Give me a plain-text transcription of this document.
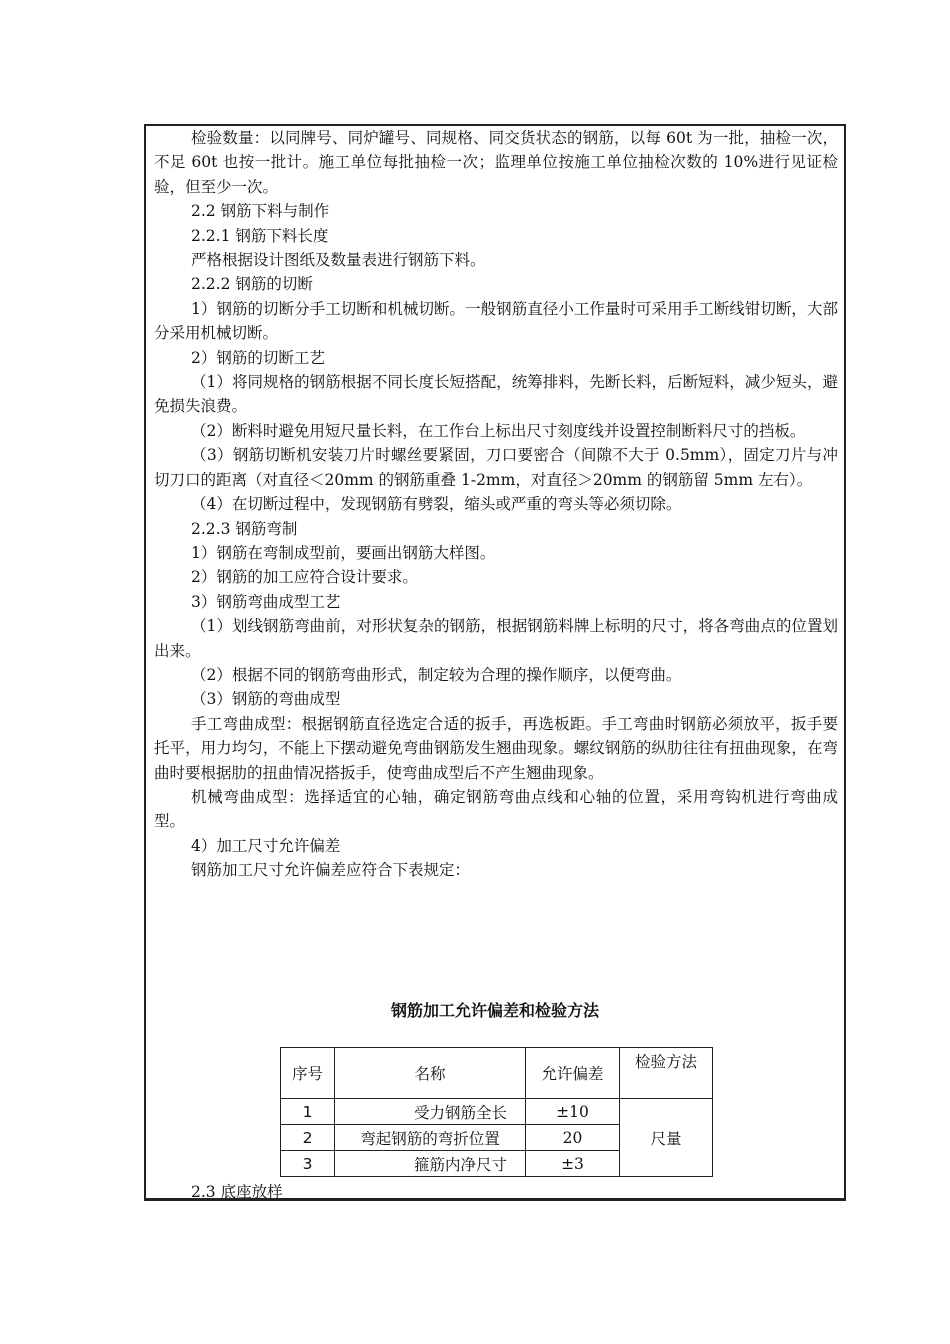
检验数量：以同牌号、同炉罐号、同规格、同交货状态的钢筋，以每 60t 为一批，抽检一次，不足 60t 也按一批计。施工单位每批抽检一次；监理单位按施工单位抽检次数的 10%进行见证检验，但至少一次。

2.2 钢筋下料与制作

2.2.1 钢筋下料长度

严格根据设计图纸及数量表进行钢筋下料。

2.2.2 钢筋的切断

1）钢筋的切断分手工切断和机械切断。一般钢筋直径小工作量时可采用手工断线钳切断，大部分采用机械切断。

2）钢筋的切断工艺

（1）将同规格的钢筋根据不同长度长短搭配，统筹排料，先断长料，后断短料，减少短头，避免损失浪费。

（2）断料时避免用短尺量长料，在工作台上标出尺寸刻度线并设置控制断料尺寸的挡板。

（3）钢筋切断机安装刀片时螺丝要紧固，刀口要密合（间隙不大于 0.5mm），固定刀片与冲切刀口的距离（对直径＜20mm 的钢筋重叠 1-2mm，对直径＞20mm 的钢筋留 5mm 左右）。

（4）在切断过程中，发现钢筋有劈裂，缩头或严重的弯头等必须切除。

2.2.3 钢筋弯制

1）钢筋在弯制成型前，要画出钢筋大样图。

2）钢筋的加工应符合设计要求。

3）钢筋弯曲成型工艺

（1）划线钢筋弯曲前，对形状复杂的钢筋，根据钢筋料牌上标明的尺寸，将各弯曲点的位置划出来。

（2）根据不同的钢筋弯曲形式，制定较为合理的操作顺序，以便弯曲。

（3）钢筋的弯曲成型

手工弯曲成型：根据钢筋直径选定合适的扳手，再选板距。手工弯曲时钢筋必须放平，扳手要托平，用力均匀，不能上下摆动避免弯曲钢筋发生翘曲现象。螺纹钢筋的纵肋往往有扭曲现象，在弯曲时要根据肋的扭曲情况搭扳手，使弯曲成型后不产生翘曲现象。

机械弯曲成型：选择适宜的心轴，确定钢筋弯曲点线和心轴的位置，采用弯钩机进行弯曲成型。

4）加工尺寸允许偏差

钢筋加工尺寸允许偏差应符合下表规定：

钢筋加工允许偏差和检验方法
序号	名称	允许偏差	检验方法
1	受力钢筋全长	±10	尺量
2	弯起钢筋的弯折位置	20	
3	箍筋内净尺寸	±3	
2.3 底座放样
